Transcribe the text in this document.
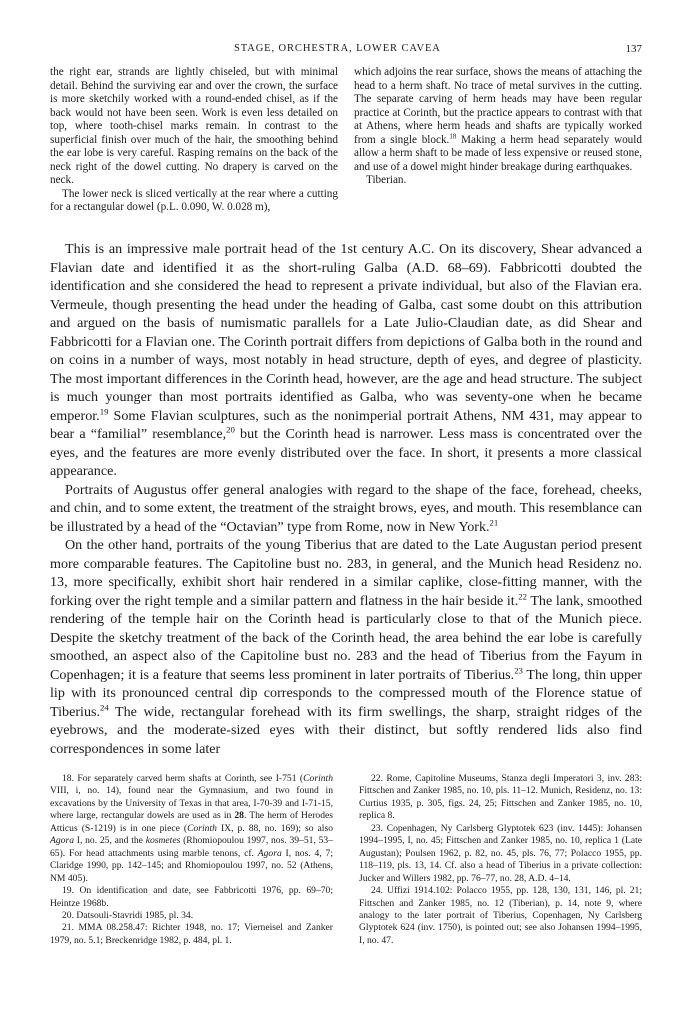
STAGE, ORCHESTRA, LOWER CAVEA	137

the right ear, strands are lightly chiseled, but with minimal detail. Behind the surviving ear and over the crown, the surface is more sketchily worked with a round-ended chisel, as if the back would not have been seen. Work is even less detailed on top, where tooth-chisel marks remain. In contrast to the superficial finish over much of the hair, the smoothing behind the ear lobe is very careful. Rasping remains on the back of the neck right of the dowel cutting. No drapery is carved on the neck.

The lower neck is sliced vertically at the rear where a cutting for a rectangular dowel (p.L. 0.090, W. 0.028 m),

which adjoins the rear surface, shows the means of attaching the head to a herm shaft. No trace of metal survives in the cutting. The separate carving of herm heads may have been regular practice at Corinth, but the practice appears to contrast with that at Athens, where herm heads and shafts are typically worked from a single block.$^{18}$ Making a herm head separately would allow a herm shaft to be made of less expensive or reused stone, and use of a dowel might hinder breakage during earthquakes.

Tiberian.

This is an impressive male portrait head of the 1st century A.C. On its discovery, Shear advanced a Flavian date and identified it as the short-ruling Galba (A.D. 68–69). Fabbricotti doubted the identification and she considered the head to represent a private individual, but also of the Flavian era. Vermeule, though presenting the head under the heading of Galba, cast some doubt on this attribution and argued on the basis of numismatic parallels for a Late Julio-Claudian date, as did Shear and Fabbricotti for a Flavian one. The Corinth portrait differs from depictions of Galba both in the round and on coins in a number of ways, most notably in head structure, depth of eyes, and degree of plasticity. The most important differences in the Corinth head, however, are the age and head structure. The subject is much younger than most portraits identified as Galba, who was seventy-one when he became emperor.$^{19}$ Some Flavian sculptures, such as the nonimperial portrait Athens, NM 431, may appear to bear a “familial” resemblance,$^{20}$ but the Corinth head is narrower. Less mass is concentrated over the eyes, and the features are more evenly distributed over the face. In short, it presents a more classical appearance.

Portraits of Augustus offer general analogies with regard to the shape of the face, forehead, cheeks, and chin, and to some extent, the treatment of the straight brows, eyes, and mouth. This resemblance can be illustrated by a head of the “Octavian” type from Rome, now in New York.$^{21}$

On the other hand, portraits of the young Tiberius that are dated to the Late Augustan period present more comparable features. The Capitoline bust no. 283, in general, and the Munich head Residenz no. 13, more specifically, exhibit short hair rendered in a similar caplike, close-fitting manner, with the forking over the right temple and a similar pattern and flatness in the hair beside it.$^{22}$ The lank, smoothed rendering of the temple hair on the Corinth head is particularly close to that of the Munich piece. Despite the sketchy treatment of the back of the Corinth head, the area behind the ear lobe is carefully smoothed, an aspect also of the Capitoline bust no. 283 and the head of Tiberius from the Fayum in Copenhagen; it is a feature that seems less prominent in later portraits of Tiberius.$^{23}$ The long, thin upper lip with its pronounced central dip corresponds to the compressed mouth of the Florence statue of Tiberius.$^{24}$ The wide, rectangular forehead with its firm swellings, the sharp, straight ridges of the eyebrows, and the moderate-sized eyes with their distinct, but softly rendered lids also find correspondences in some later

18. For separately carved herm shafts at Corinth, see I-751 (Corinth VIII, i, no. 14), found near the Gymnasium, and two found in excavations by the University of Texas in that area, I-70-39 and I-71-15, where large, rectangular dowels are used as in 28. The herm of Herodes Atticus (S-1219) is in one piece (Corinth IX, p. 88, no. 169); so also Agora I, no. 25, and the kosmetes (Rhomiopoulou 1997, nos. 39–51, 53–65). For head attachments using marble tenons, cf. Agora I, nos. 4, 7; Claridge 1990, pp. 142–145; and Rhomiopoulou 1997, no. 52 (Athens, NM 405).

19. On identification and date, see Fabbricotti 1976, pp. 69–70; Heintze 1968b.

20. Datsouli-Stavridi 1985, pl. 34.

21. MMA 08.258.47: Richter 1948, no. 17; Vierneisel and Zanker 1979, no. 5.1; Breckenridge 1982, p. 484, pl. 1.

22. Rome, Capitoline Museums, Stanza degli Imperatori 3, inv. 283: Fittschen and Zanker 1985, no. 10, pls. 11–12. Munich, Residenz, no. 13: Curtius 1935, p. 305, figs. 24, 25; Fittschen and Zanker 1985, no. 10, replica 8.

23. Copenhagen, Ny Carlsberg Glyptotek 623 (inv. 1445): Johansen 1994–1995, I, no. 45; Fittschen and Zanker 1985, no. 10, replica 1 (Late Augustan); Poulsen 1962, p. 82, no. 45, pls. 76, 77; Polacco 1955, pp. 118–119, pls. 13, 14. Cf. also a head of Tiberius in a private collection: Jucker and Willers 1982, pp. 76–77, no. 28, A.D. 4–14.

24. Uffizi 1914.102: Polacco 1955, pp. 128, 130, 131, 146, pl. 21; Fittschen and Zanker 1985, no. 12 (Tiberian), p. 14, note 9, where analogy to the later portrait of Tiberius, Copenhagen, Ny Carlsberg Glyptotek 624 (inv. 1750), is pointed out; see also Johansen 1994–1995, I, no. 47.
